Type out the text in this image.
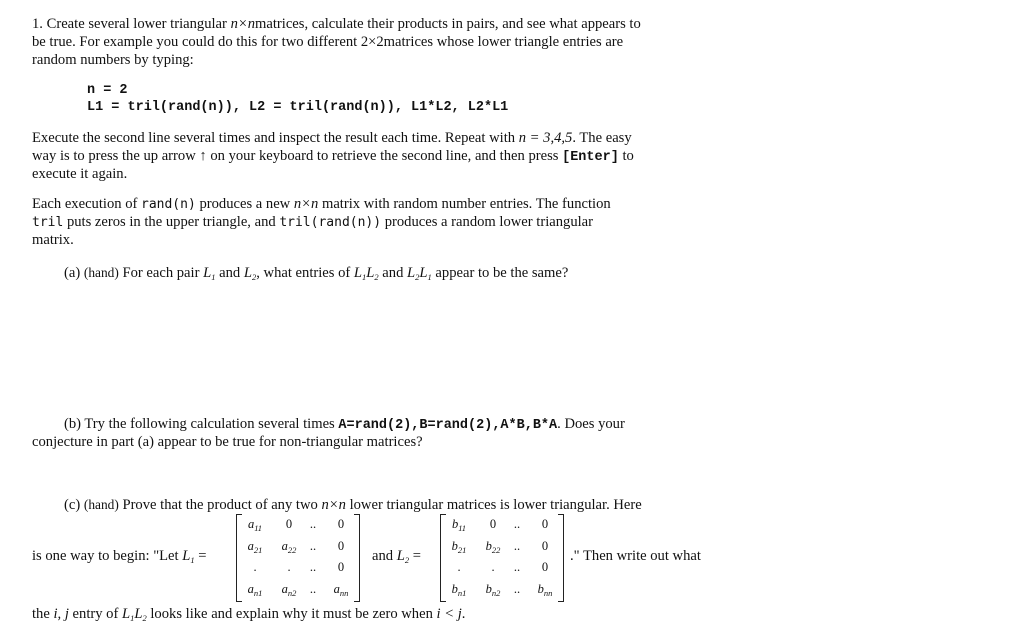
1. Create several lower triangular n×nmatrices, calculate their products in pairs, and see what appears to
be true. For example you could do this for two different 2×2matrices whose lower triangle entries are
random numbers by typing:
n = 2
L1 = tril(rand(n)), L2 = tril(rand(n)), L1*L2, L2*L1
Execute the second line several times and inspect the result each time. Repeat with n = 3,4,5. The easy
way is to press the up arrow ↑ on your keyboard to retrieve the second line, and then press [Enter] to
execute it again.
Each execution of rand(n) produces a new n×n matrix with random number entries. The function
tril puts zeros in the upper triangle, and tril(rand(n)) produces a random lower triangular
matrix.
(a) (hand) For each pair $L_1$ and $L_2$, what entries of $L_1L_2$ and $L_2L_1$ appear to be the same?
(b) Try the following calculation several times A=rand(2),B=rand(2),A*B,B*A. Does your
conjecture in part (a) appear to be true for non-triangular matrices?
(c) (hand) Prove that the product of any two n×n lower triangular matrices is lower triangular. Here
is one way to begin: "Let $L_1$ =
$a_{11}$	0	..	0
$a_{21}$	$a_{22}$	..	0
.	.	..	0
$a_{n1}$	$a_{n2}$	..	$a_{nn}$
and $L_2$ =
$b_{11}$	0	..	0
$b_{21}$	$b_{22}$	..	0
.	.	..	0
$b_{n1}$	$b_{n2}$	..	$b_{nn}$
." Then write out what
the i, j entry of $L_1L_2$ looks like and explain why it must be zero when i < j.
